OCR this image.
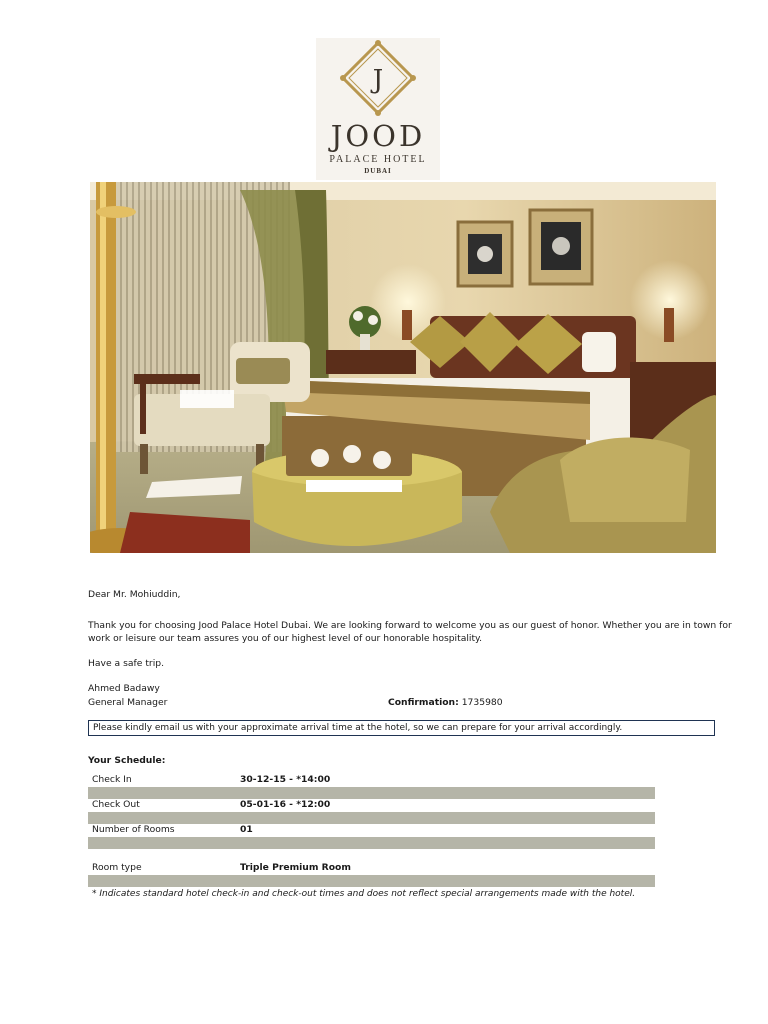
J
JOOD
PALACE HOTEL
DUBAI
Dear Mr. Mohiuddin,
Thank you for choosing Jood Palace Hotel Dubai. We are looking forward to welcome you as our guest of honor. Whether you are in town for work or leisure our team assures you of our highest level of our honorable hospitality.
Have a safe trip.
Ahmed Badawy
General Manager	Confirmation: 1735980
Please kindly email us with your approximate arrival time at the hotel, so we can prepare for your arrival accordingly.
Your Schedule:
Check In	30-12-15 - *14:00
Check Out	05-01-16 - *12:00
Number of Rooms	01
Room type	Triple Premium Room
* Indicates standard hotel check-in and check-out times and does not reflect special arrangements made with the hotel.
